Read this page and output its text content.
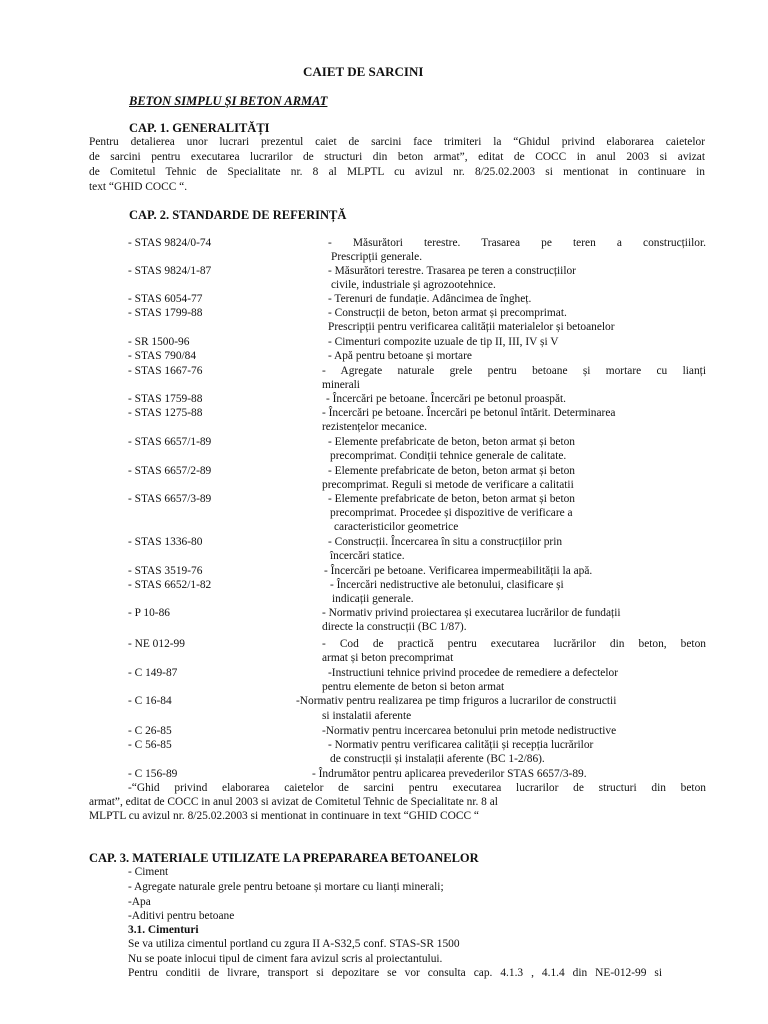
CAIET DE SARCINI
BETON SIMPLU ȘI BETON ARMAT
CAP. 1. GENERALITĂȚI
Pentru detalierea unor lucrari prezentul caiet de sarcini face trimiteri la “Ghidul privind elaborarea caietelor
de sarcini pentru executarea lucrarilor de structuri din beton armat”, editat de COCC in anul 2003 si avizat
de Comitetul Tehnic de Specialitate nr. 8 al MLPTL cu avizul nr. 8/25.02.2003 si mentionat in continuare in
text “GHID COCC “.
CAP. 2. STANDARDE DE REFERINȚĂ
- STAS 9824/0-74	- Măsurători terestre. Trasarea pe teren a construcțiilor.
Prescripții generale.
- STAS 9824/1-87	- Măsurători terestre. Trasarea pe teren a construcțiilor
civile, industriale și agrozootehnice.
- STAS 6054-77	- Terenuri de fundație. Adâncimea de îngheț.
- STAS 1799-88	- Construcții de beton, beton armat și precomprimat.
Prescripții pentru verificarea calității materialelor și betoanelor
- SR 1500-96	- Cimenturi compozite uzuale de tip II, III, IV și V
- STAS 790/84	- Apă pentru betoane și mortare
- STAS 1667-76	- Agregate naturale grele pentru betoane și mortare cu lianți
minerali
- STAS 1759-88	- Încercări pe betoane. Încercări pe betonul proaspăt.
- STAS 1275-88	- Încercări pe betoane. Încercări pe betonul întărit. Determinarea
rezistențelor mecanice.
- STAS 6657/1-89	- Elemente prefabricate de beton, beton armat și beton
precomprimat. Condiții tehnice generale de calitate.
- STAS 6657/2-89	- Elemente prefabricate de beton, beton armat și beton
precomprimat. Reguli si metode de verificare a calitatii
- STAS 6657/3-89	- Elemente prefabricate de beton, beton armat și beton
precomprimat. Procedee și dispozitive de verificare a
caracteristicilor geometrice
- STAS 1336-80	- Construcții. Încercarea în situ a construcțiilor prin
încercări statice.
- STAS 3519-76	- Încercări pe betoane. Verificarea impermeabilității la apă.
- STAS 6652/1-82	- Încercări nedistructive ale betonului, clasificare și
indicații generale.
- P 10-86	- Normativ privind proiectarea și executarea lucrărilor de fundații
directe la construcții (BC 1/87).
- NE 012-99	- Cod de practică pentru executarea lucrărilor din beton, beton
armat și beton precomprimat
- C 149-87	-Instructiuni tehnice privind procedee de remediere a defectelor
pentru elemente de beton si beton armat
- C 16-84	-Normativ pentru realizarea pe timp friguros a lucrarilor de constructii
si instalatii aferente
- C 26-85	-Normativ pentru incercarea betonului prin metode nedistructive
- C 56-85	- Normativ pentru verificarea calității și recepția lucrărilor
de construcții și instalații aferente (BC 1-2/86).
- C 156-89	- Îndrumător pentru aplicarea prevederilor STAS 6657/3-89.
-“Ghid privind elaborarea caietelor de sarcini pentru executarea lucrarilor de structuri din beton
armat”, editat de COCC in anul 2003 si avizat de Comitetul Tehnic de Specialitate nr. 8 al
MLPTL cu avizul nr. 8/25.02.2003 si mentionat in continuare in text “GHID COCC “
CAP. 3. MATERIALE UTILIZATE LA PREPARAREA BETOANELOR
- Ciment
- Agregate naturale grele pentru betoane și mortare cu lianți minerali;
-Apa
-Aditivi pentru betoane
3.1. Cimenturi
Se va utiliza cimentul portland cu zgura II A-S32,5 conf. STAS-SR 1500
Nu se poate inlocui tipul de ciment fara avizul scris al proiectantului.
Pentru conditii de livrare, transport si depozitare se vor consulta cap. 4.1.3 , 4.1.4 din NE-012-99 si
